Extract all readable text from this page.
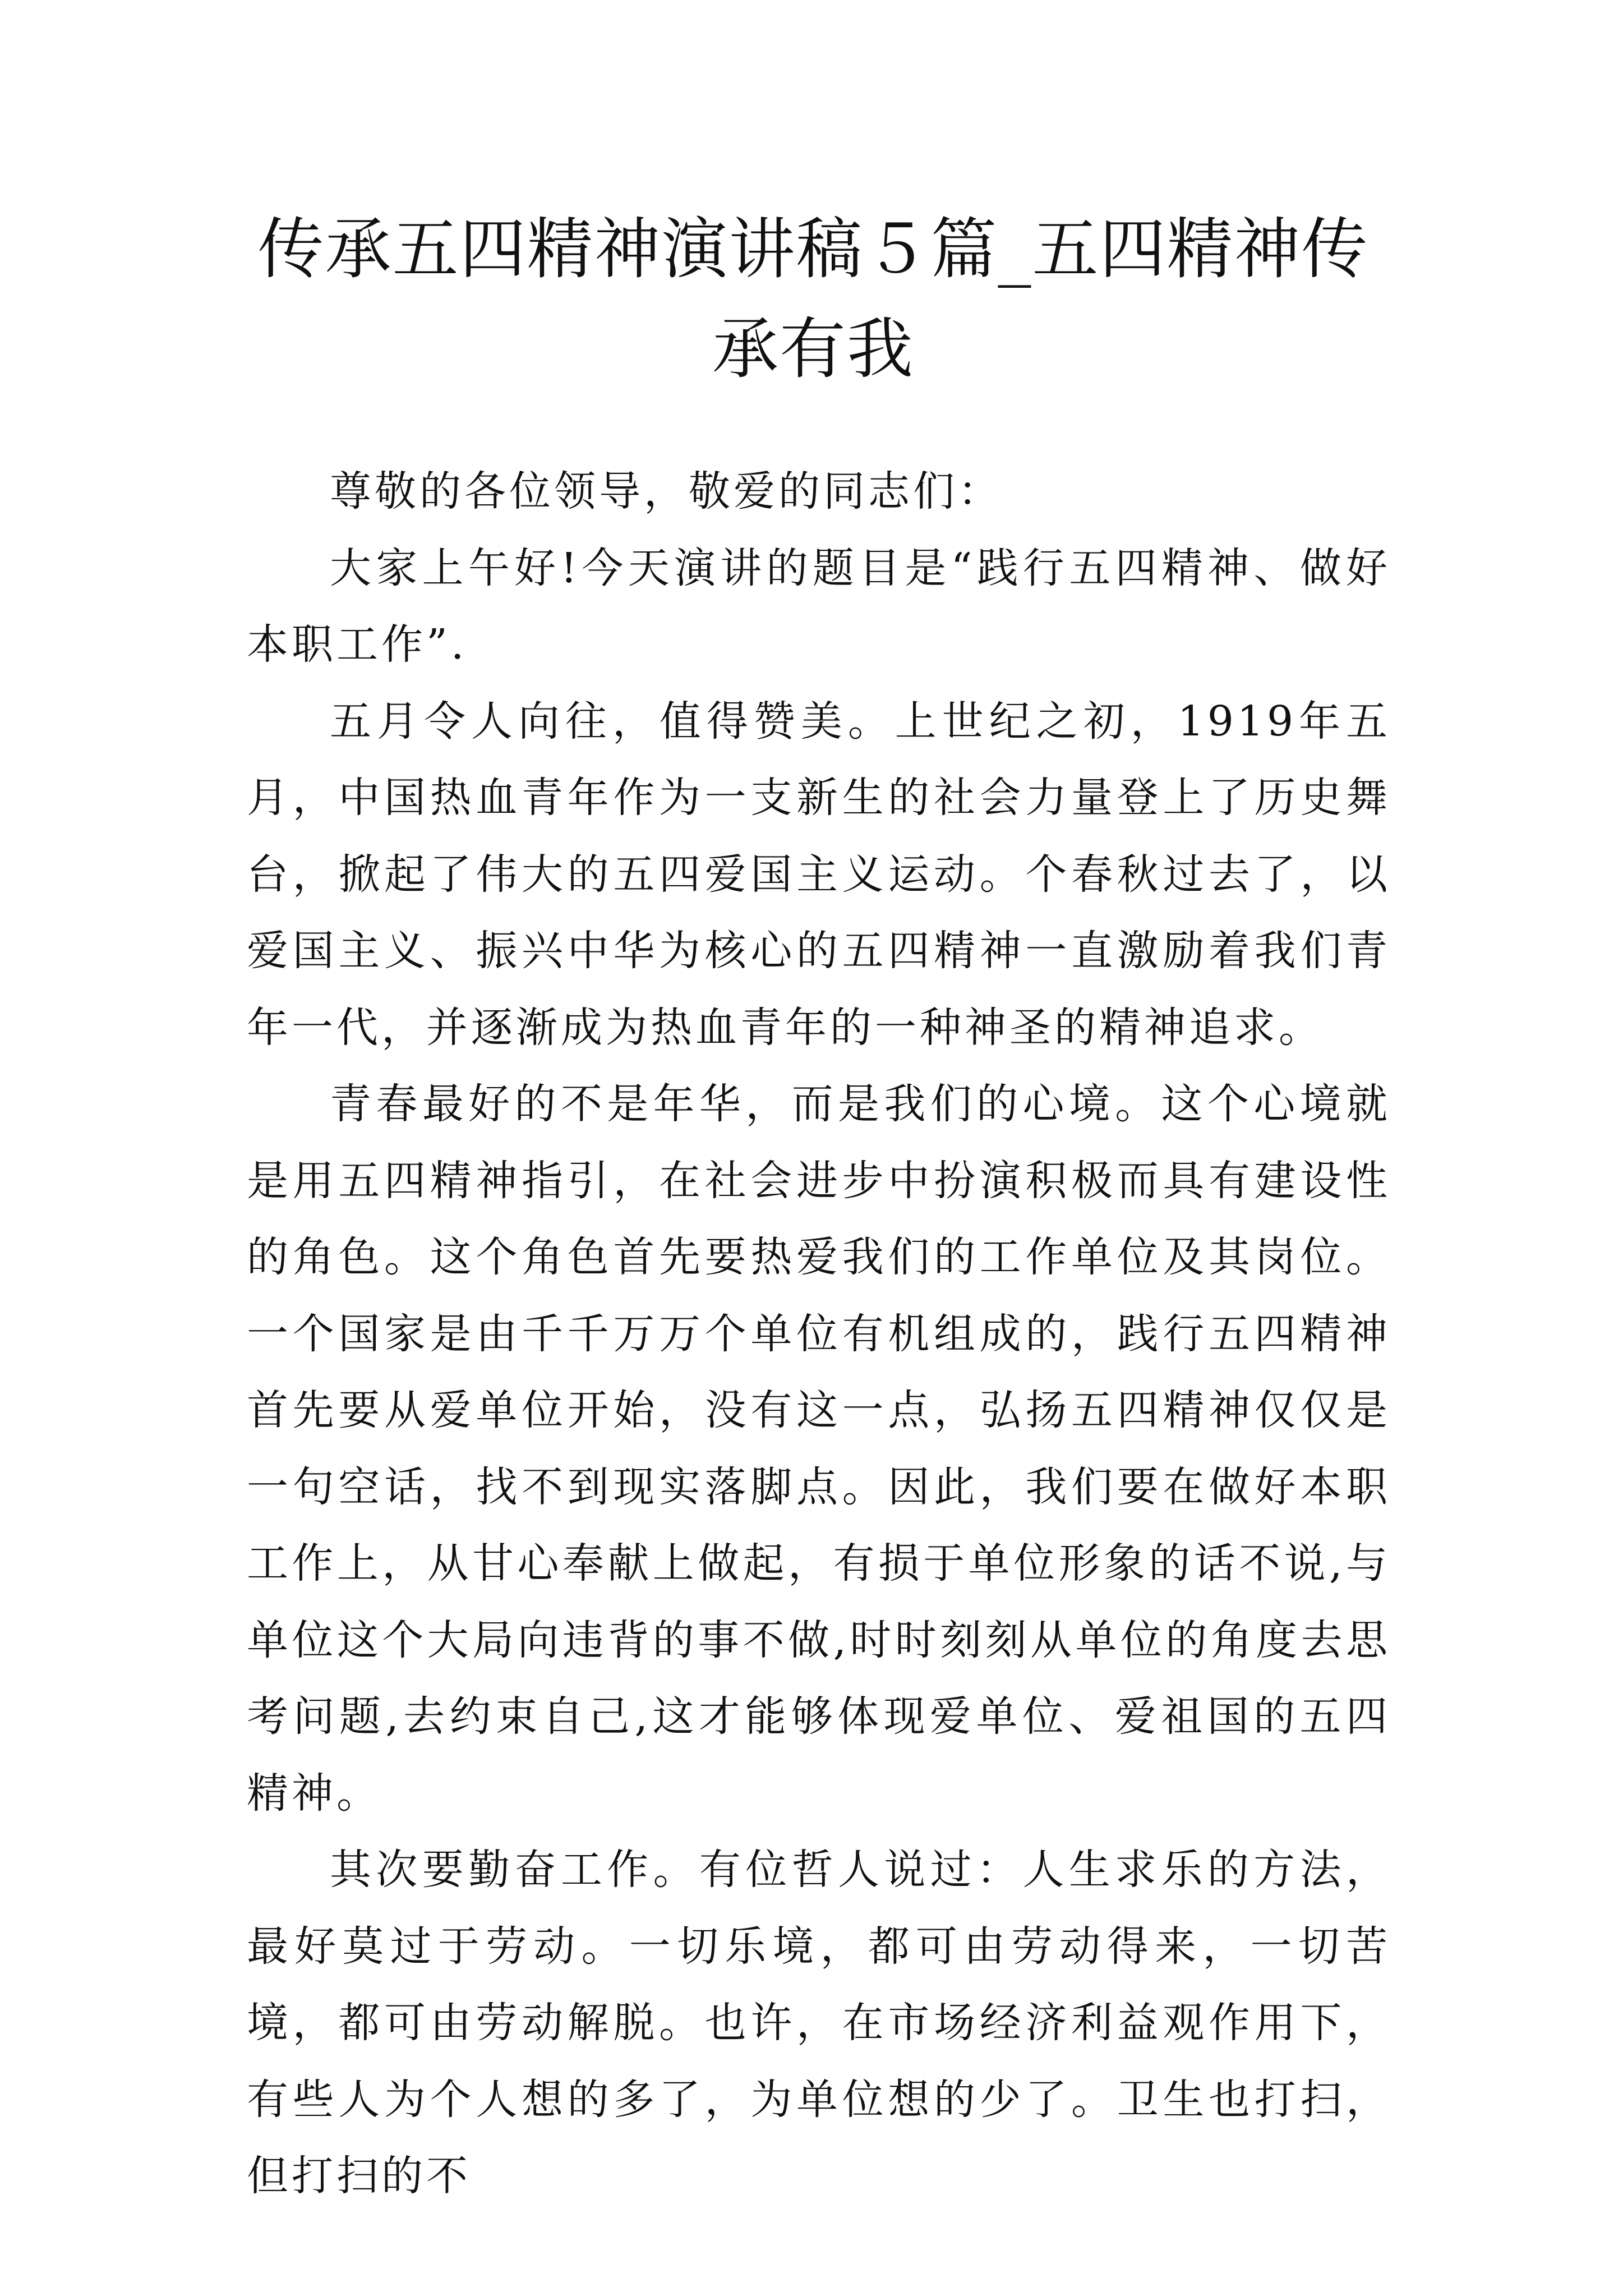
传承五四精神演讲稿５篇_五四精神传承有我

尊敬的各位领导，敬爱的同志们：

大家上午好!今天演讲的题目是“践行五四精神、做好本职工作”.

五月令人向往，值得赞美。上世纪之初，1919年五月，中国热血青年作为一支新生的社会力量登上了历史舞台，掀起了伟大的五四爱国主义运动。个春秋过去了，以爱国主义、振兴中华为核心的五四精神一直激励着我们青年一代，并逐渐成为热血青年的一种神圣的精神追求。

青春最好的不是年华，而是我们的心境。这个心境就是用五四精神指引，在社会进步中扮演积极而具有建设性的角色。这个角色首先要热爱我们的工作单位及其岗位。一个国家是由千千万万个单位有机组成的，践行五四精神首先要从爱单位开始，没有这一点，弘扬五四精神仅仅是一句空话，找不到现实落脚点。因此，我们要在做好本职工作上，从甘心奉献上做起，有损于单位形象的话不说,与单位这个大局向违背的事不做,时时刻刻从单位的角度去思考问题,去约束自己,这才能够体现爱单位、爱祖国的五四精神。

其次要勤奋工作。有位哲人说过：人生求乐的方法，最好莫过于劳动。一切乐境，都可由劳动得来，一切苦境，都可由劳动解脱。也许，在市场经济利益观作用下，有些人为个人想的多了，为单位想的少了。卫生也打扫，但打扫的不
